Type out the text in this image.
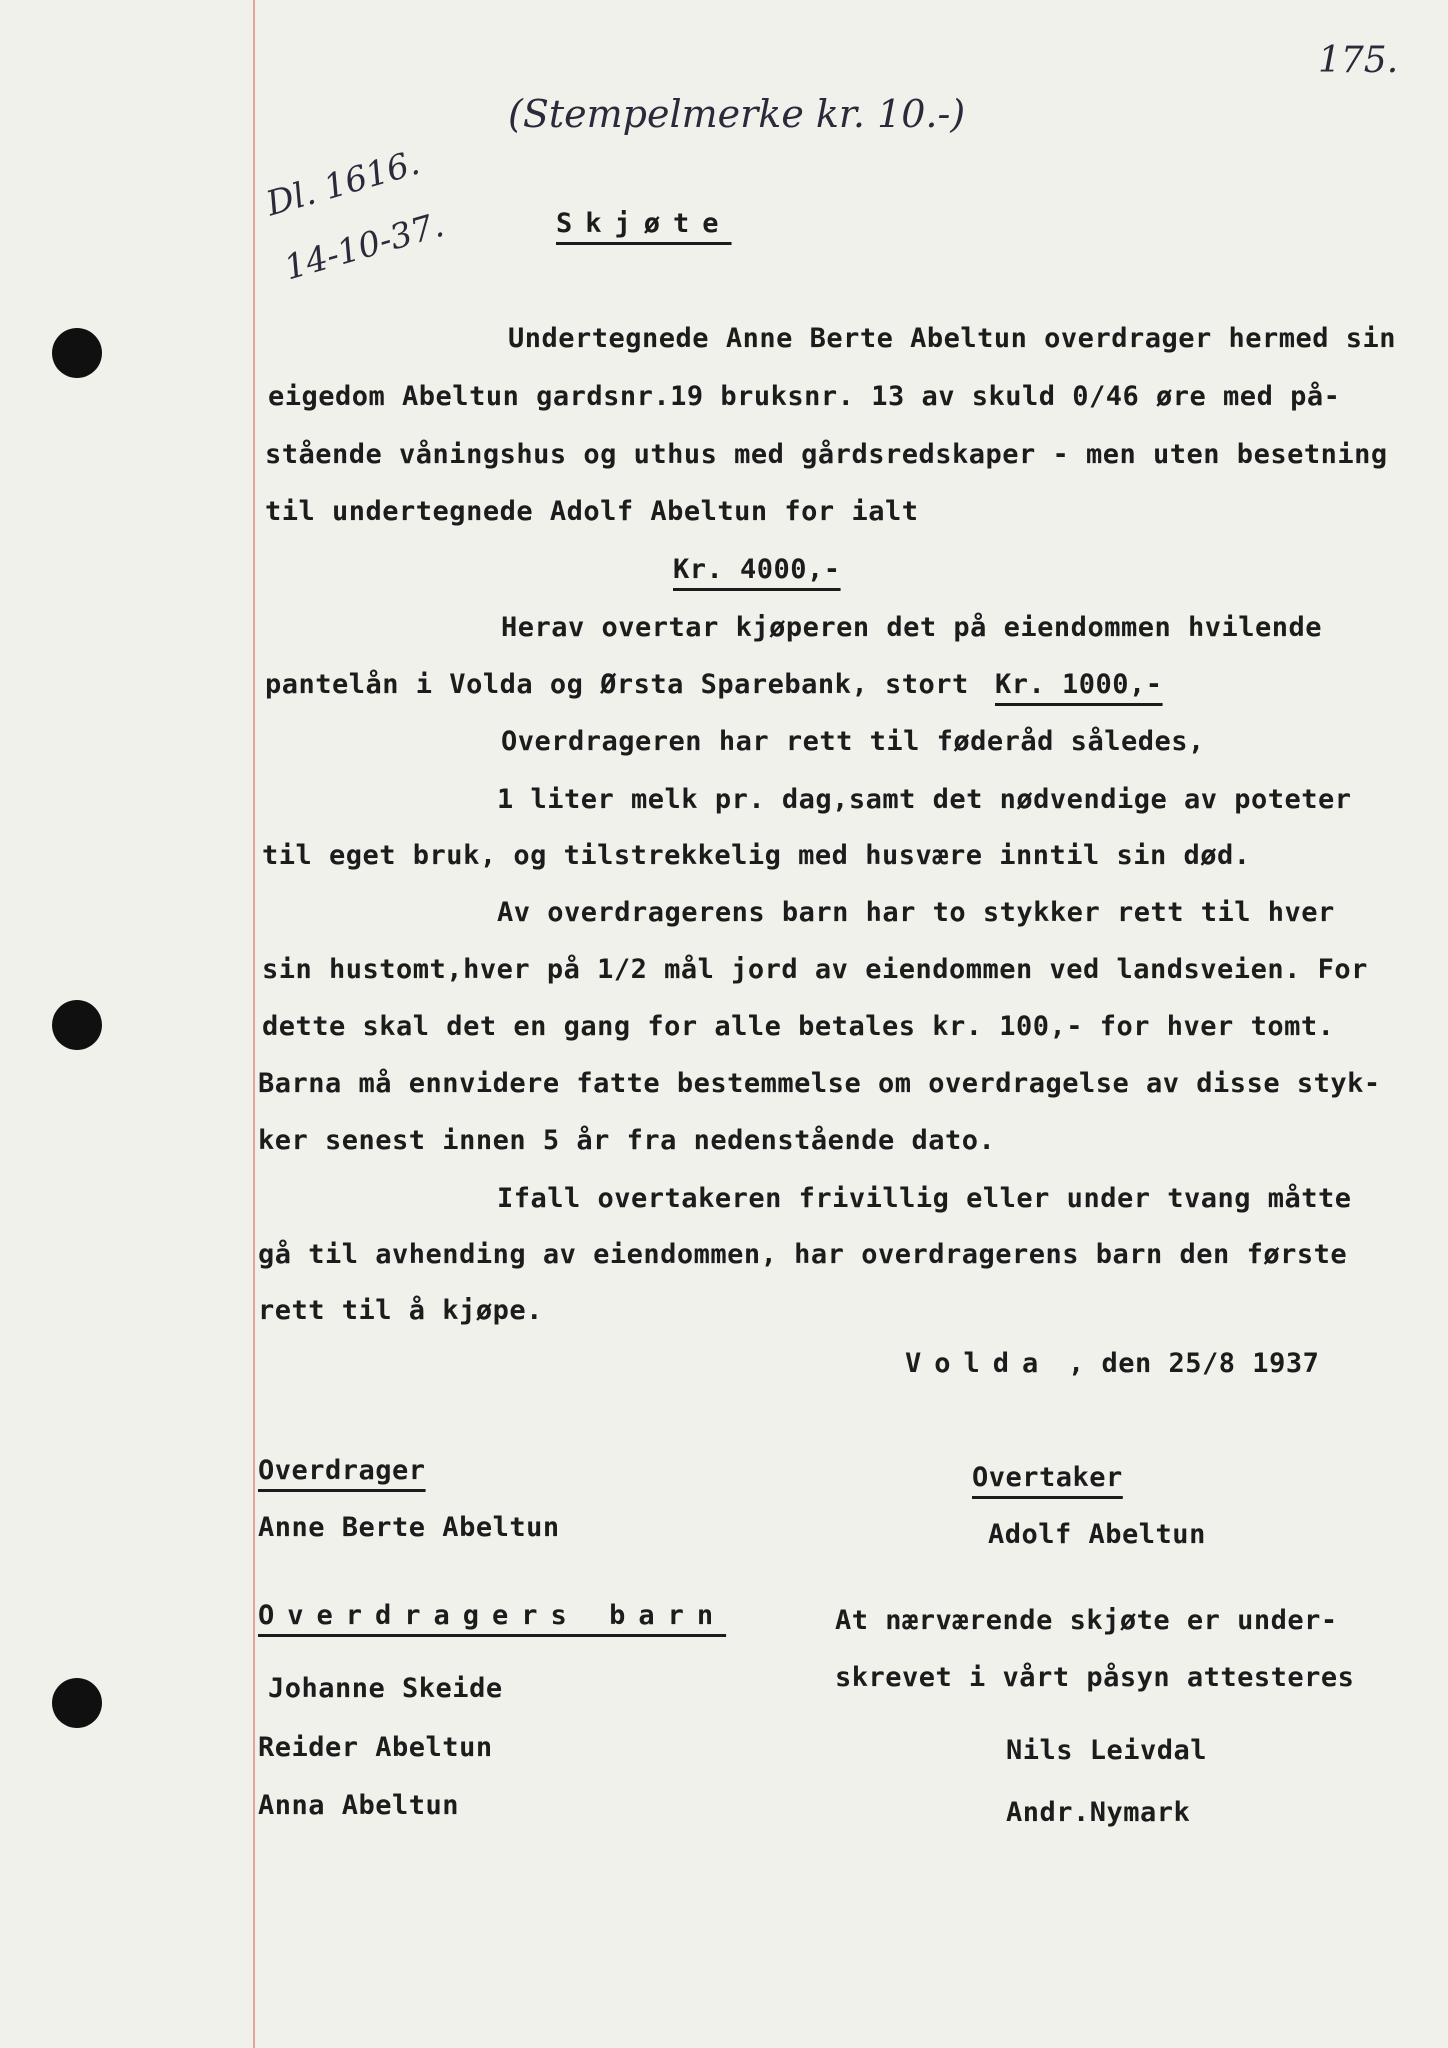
175.
(Stempelmerke kr. 10.-)
Dl. 1616.
14-10-37.	Skjøte
Undertegnede Anne Berte Abeltun overdrager hermed sin
eigedom Abeltun gardsnr.19 bruksnr. 13 av skuld 0/46 øre med på-
stående våningshus og uthus med gårdsredskaper - men uten besetning
til undertegnede Adolf Abeltun for ialt
Kr. 4000,-
Herav overtar kjøperen det på eiendommen hvilende
pantelån i Volda og Ørsta Sparebank, stort Kr. 1000,-
Overdrageren har rett til føderåd således,
1 liter melk pr. dag,samt det nødvendige av poteter
til eget bruk, og tilstrekkelig med husvære inntil sin død.
Av overdragerens barn har to stykker rett til hver
sin hustomt,hver på 1/2 mål jord av eiendommen ved landsveien. For
dette skal det en gang for alle betales kr. 100,- for hver tomt.
Barna må ennvidere fatte bestemmelse om overdragelse av disse styk-
ker senest innen 5 år fra nedenstående dato.
Ifall overtakeren frivillig eller under tvang måtte
gå til avhending av eiendommen, har overdragerens barn den første
rett til å kjøpe.
Volda , den 25/8 1937
Overdrager
Anne Berte Abeltun
Overtaker
Adolf Abeltun
Overdragers barn
Johanne Skeide
Reider Abeltun
Anna Abeltun
At nærværende skjøte er under-
skrevet i vårt påsyn attesteres
Nils Leivdal
Andr.Nymark
